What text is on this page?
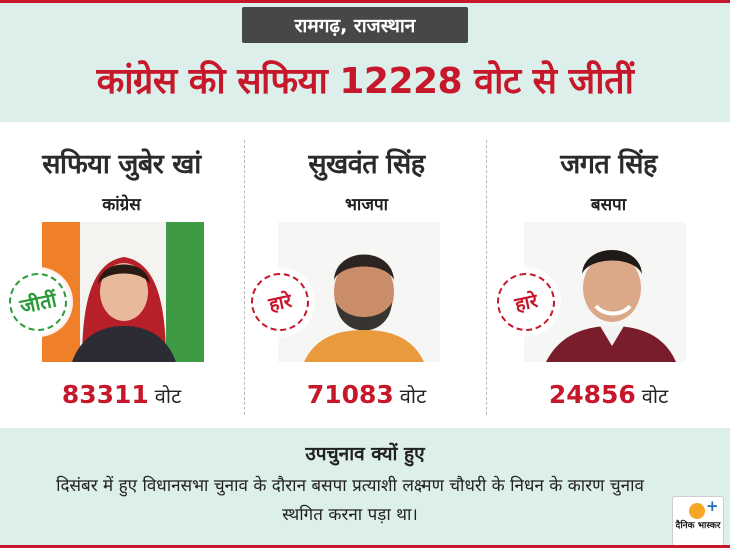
रामगढ़, राजस्थान
कांग्रेस की सफिया 12228 वोट से जीतीं
सफिया जुबेर खां
कांग्रेस
जीतीं
83311 वोट
सुखवंत सिंह
भाजपा
हारे
71083 वोट
जगत सिंह
बसपा
हारे
24856 वोट
उपचुनाव क्यों हुए
दिसंबर में हुए विधानसभा चुनाव के दौरान बसपा प्रत्याशी लक्ष्मण चौधरी के निधन के कारण चुनाव स्थगित करना पड़ा था।	+
दैनिक भास्कर
